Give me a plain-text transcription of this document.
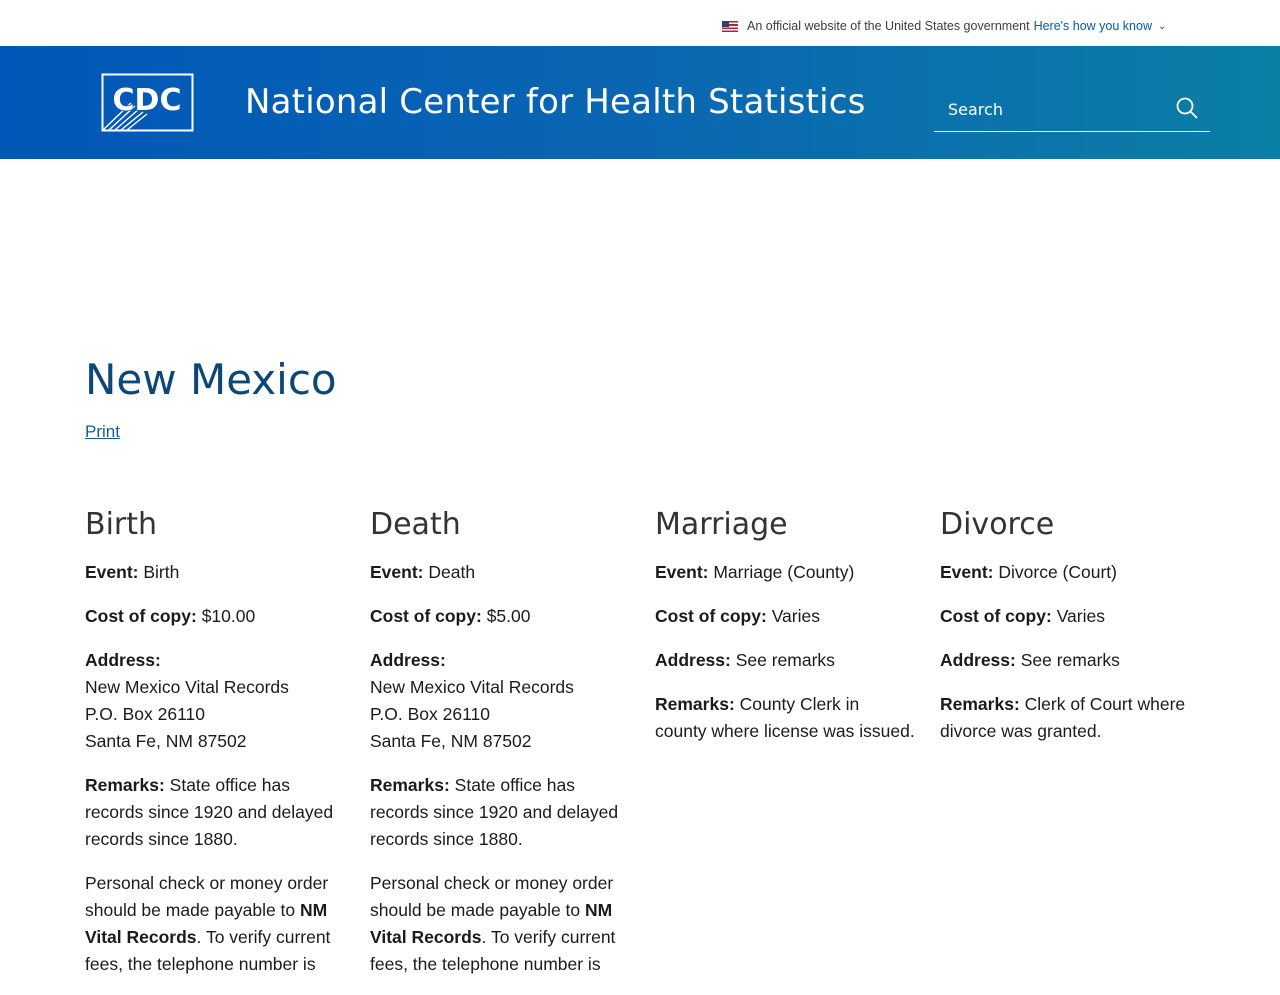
An official website of the United States government Here's how you know ⌄
CDC National Center for Health Statistics
Search
New Mexico
Print
Birth

Event: Birth

Cost of copy: $10.00

Address:
New Mexico Vital Records
P.O. Box 26110
Santa Fe, NM 87502

Remarks: State office has records since 1920 and delayed records since 1880.

Personal check or money order should be made payable to NM Vital Records. To verify current fees, the telephone number is

Death

Event: Death

Cost of copy: $5.00

Address:
New Mexico Vital Records
P.O. Box 26110
Santa Fe, NM 87502

Remarks: State office has records since 1920 and delayed records since 1880.

Personal check or money order should be made payable to NM Vital Records. To verify current fees, the telephone number is

Marriage

Event: Marriage (County)

Cost of copy: Varies

Address: See remarks

Remarks: County Clerk in county where license was issued.

Divorce

Event: Divorce (Court)

Cost of copy: Varies

Address: See remarks

Remarks: Clerk of Court where divorce was granted.
